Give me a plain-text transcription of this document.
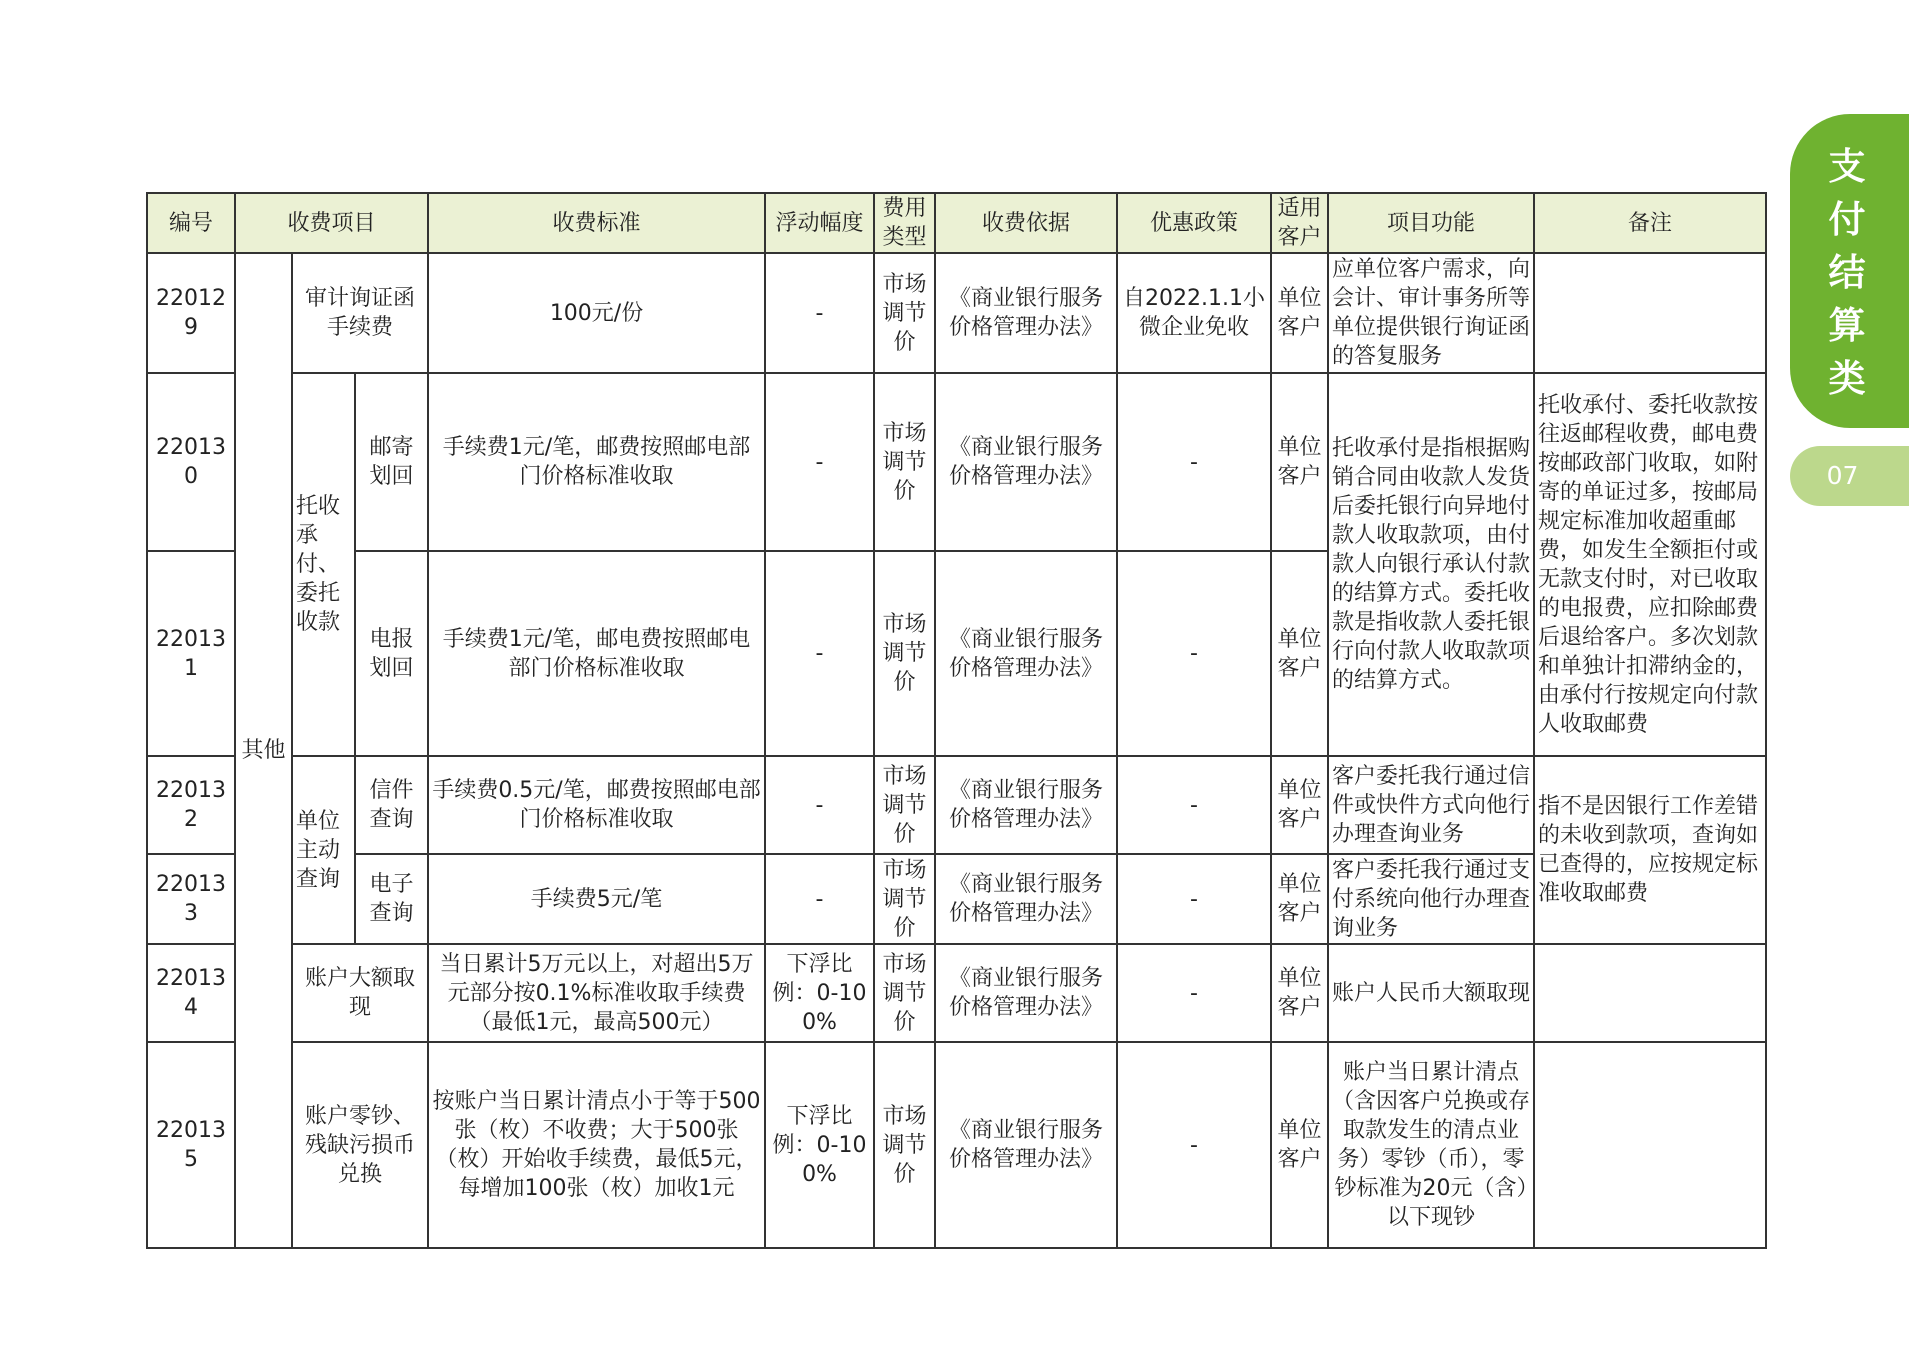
支
付
结
算
类
07
编号	收费项目			收费标准	浮动幅度	费用类型	收费依据	优惠政策	适用客户	项目功能	备注
220129	其他	审计询证函手续费		100元/份	-	市场调节价	《商业银行服务价格管理办法》	自2022.1.1小微企业免收	单位客户	应单位客户需求，向会计、审计事务所等单位提供银行询证函的答复服务	
220130		托收承付、委托收款	邮寄划回	手续费1元/笔，邮费按照邮电部门价格标准收取	-	市场调节价	《商业银行服务价格管理办法》	-	单位客户	托收承付是指根据购销合同由收款人发货后委托银行向异地付款人收取款项，由付款人向银行承认付款的结算方式。委托收款是指收款人委托银行向付款人收取款项的结算方式。	托收承付、委托收款按往返邮程收费，邮电费按邮政部门收取，如附寄的单证过多，按邮局规定标准加收超重邮费，如发生全额拒付或无款支付时，对已收取的电报费，应扣除邮费后退给客户。多次划款和单独计扣滞纳金的，由承付行按规定向付款人收取邮费
220131			电报划回	手续费1元/笔，邮电费按照邮电部门价格标准收取	-	市场调节价	《商业银行服务价格管理办法》	-	单位客户		
220132		单位主动查询	信件查询	手续费0.5元/笔，邮费按照邮电部门价格标准收取	-	市场调节价	《商业银行服务价格管理办法》	-	单位客户	客户委托我行通过信件或快件方式向他行办理查询业务	指不是因银行工作差错的未收到款项，查询如已查得的，应按规定标准收取邮费
220133			电子查询	手续费5元/笔	-	市场调节价	《商业银行服务价格管理办法》	-	单位客户	客户委托我行通过支付系统向他行办理查询业务	
220134		账户大额取现		当日累计5万元以上，对超出5万元部分按0.1%标准收取手续费（最低1元，最高500元）	下浮比例：0-100%	市场调节价	《商业银行服务价格管理办法》	-	单位客户	账户人民币大额取现	
220135		账户零钞、残缺污损币兑换		按账户当日累计清点小于等于500张（枚）不收费；大于500张（枚）开始收手续费，最低5元，每增加100张（枚）加收1元	下浮比例：0-100%	市场调节价	《商业银行服务价格管理办法》	-	单位客户	账户当日累计清点（含因客户兑换或存取款发生的清点业务）零钞（币），零钞标准为20元（含）以下现钞	
